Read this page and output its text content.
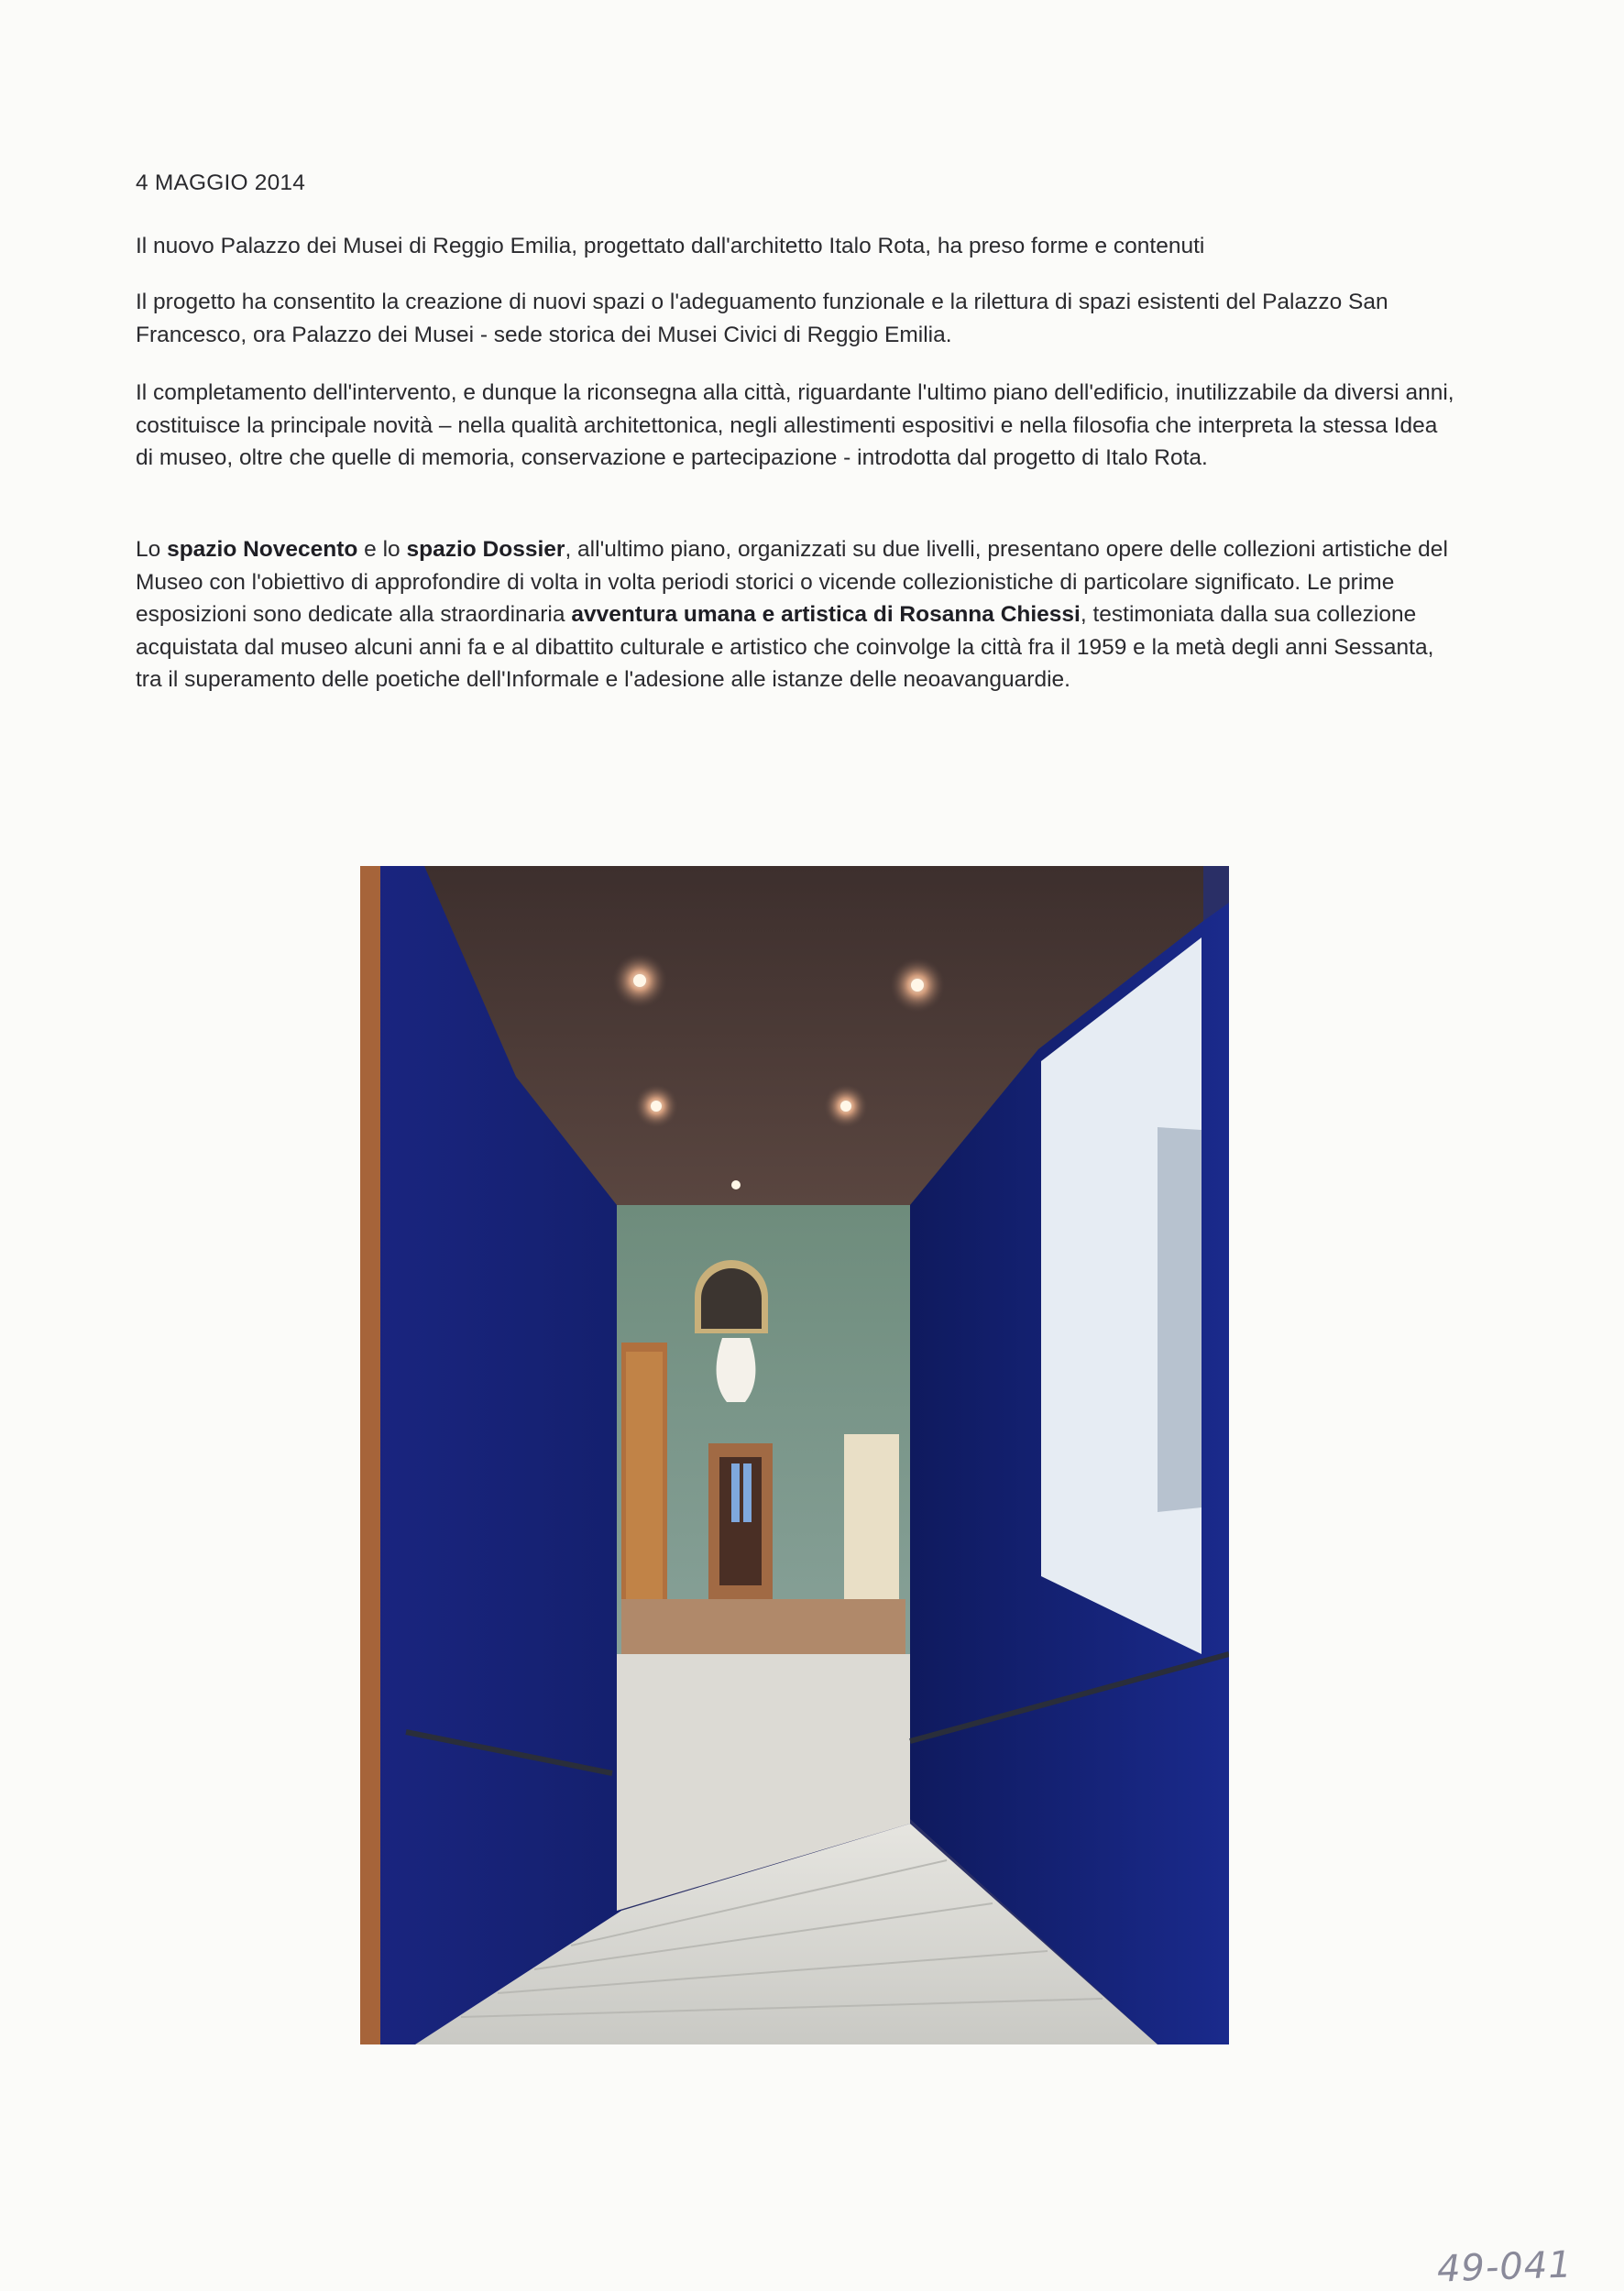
4 MAGGIO 2014

Il nuovo Palazzo dei Musei di Reggio Emilia, progettato dall'architetto Italo Rota, ha preso forme e contenuti

Il progetto ha consentito la creazione di nuovi spazi o l'adeguamento funzionale e la rilettura di spazi esistenti del Palazzo San Francesco, ora Palazzo dei Musei - sede storica dei Musei Civici di Reggio Emilia.

Il completamento dell'intervento, e dunque la riconsegna alla città, riguardante l'ultimo piano dell'edificio, inutilizzabile da diversi anni, costituisce la principale novità – nella qualità architettonica, negli allestimenti espositivi e nella filosofia che interpreta la stessa Idea di museo, oltre che quelle di memoria, conservazione e partecipazione - introdotta dal progetto di Italo Rota.

Lo spazio Novecento e lo spazio Dossier, all'ultimo piano, organizzati su due livelli, presentano opere delle collezioni artistiche del Museo con l'obiettivo di approfondire di volta in volta periodi storici o vicende collezionistiche di particolare significato. Le prime esposizioni sono dedicate alla straordinaria avventura umana e artistica di Rosanna Chiessi, testimoniata dalla sua collezione acquistata dal museo alcuni anni fa e al dibattito culturale e artistico che coinvolge la città fra il 1959 e la metà degli anni Sessanta, tra il superamento delle poetiche dell'Informale e l'adesione alle istanze delle neoavanguardie.

49-041
